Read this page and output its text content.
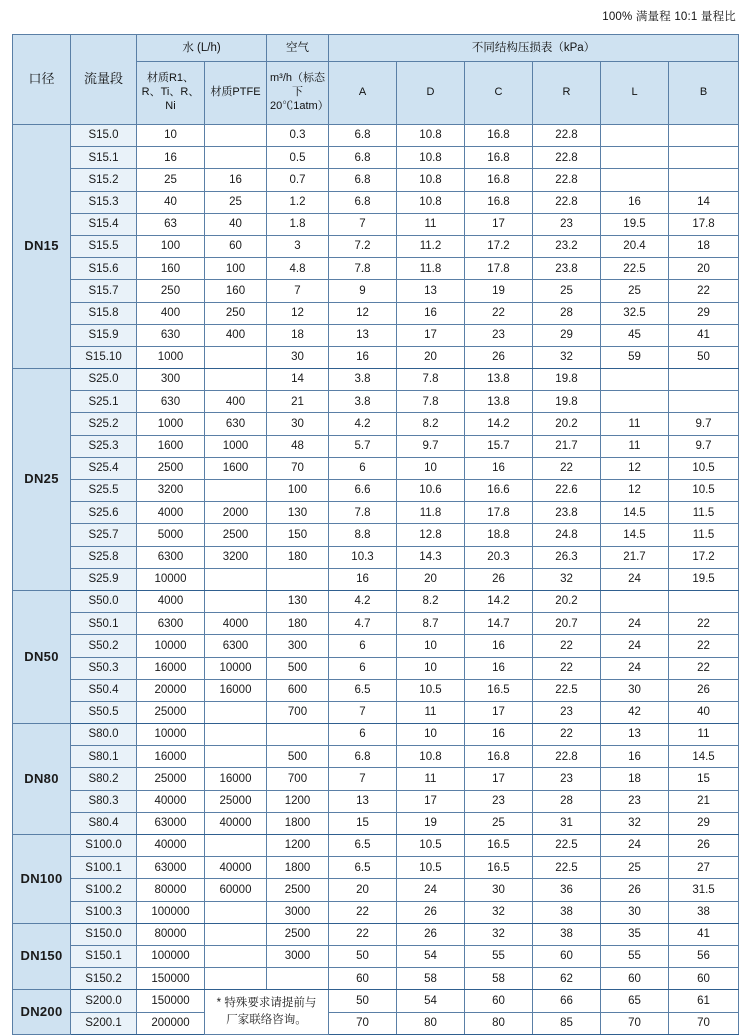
100% 满量程 10:1 量程比
口径	流量段	水 (L/h)		空气	不同结构压损表（kPa）					
		材质R1、R、Ti、R、Ni	材质PTFE	m³/h（标态下20℃1atm）	A	D	C	R	L	B
DN15	S15.0	10		0.3	6.8	10.8	16.8	22.8		
	S15.1	16		0.5	6.8	10.8	16.8	22.8		
	S15.2	25	16	0.7	6.8	10.8	16.8	22.8		
	S15.3	40	25	1.2	6.8	10.8	16.8	22.8	16	14
	S15.4	63	40	1.8	7	11	17	23	19.5	17.8
	S15.5	100	60	3	7.2	11.2	17.2	23.2	20.4	18
	S15.6	160	100	4.8	7.8	11.8	17.8	23.8	22.5	20
	S15.7	250	160	7	9	13	19	25	25	22
	S15.8	400	250	12	12	16	22	28	32.5	29
	S15.9	630	400	18	13	17	23	29	45	41
	S15.10	1000		30	16	20	26	32	59	50
DN25	S25.0	300		14	3.8	7.8	13.8	19.8		
	S25.1	630	400	21	3.8	7.8	13.8	19.8		
	S25.2	1000	630	30	4.2	8.2	14.2	20.2	11	9.7
	S25.3	1600	1000	48	5.7	9.7	15.7	21.7	11	9.7
	S25.4	2500	1600	70	6	10	16	22	12	10.5
	S25.5	3200		100	6.6	10.6	16.6	22.6	12	10.5
	S25.6	4000	2000	130	7.8	11.8	17.8	23.8	14.5	11.5
	S25.7	5000	2500	150	8.8	12.8	18.8	24.8	14.5	11.5
	S25.8	6300	3200	180	10.3	14.3	20.3	26.3	21.7	17.2
	S25.9	10000			16	20	26	32	24	19.5
DN50	S50.0	4000		130	4.2	8.2	14.2	20.2		
	S50.1	6300	4000	180	4.7	8.7	14.7	20.7	24	22
	S50.2	10000	6300	300	6	10	16	22	24	22
	S50.3	16000	10000	500	6	10	16	22	24	22
	S50.4	20000	16000	600	6.5	10.5	16.5	22.5	30	26
	S50.5	25000		700	7	11	17	23	42	40
DN80	S80.0	10000			6	10	16	22	13	11
	S80.1	16000		500	6.8	10.8	16.8	22.8	16	14.5
	S80.2	25000	16000	700	7	11	17	23	18	15
	S80.3	40000	25000	1200	13	17	23	28	23	21
	S80.4	63000	40000	1800	15	19	25	31	32	29
DN100	S100.0	40000		1200	6.5	10.5	16.5	22.5	24	26
	S100.1	63000	40000	1800	6.5	10.5	16.5	22.5	25	27
	S100.2	80000	60000	2500	20	24	30	36	26	31.5
	S100.3	100000		3000	22	26	32	38	30	38
DN150	S150.0	80000		2500	22	26	32	38	35	41
	S150.1	100000		3000	50	54	55	60	55	56
	S150.2	150000			60	58	58	62	60	60
DN200	S200.0	150000	* 特殊要求请提前与厂家联络咨询。		50	54	60	66	65	61
	S200.1	200000			70	80	80	85	70	70
